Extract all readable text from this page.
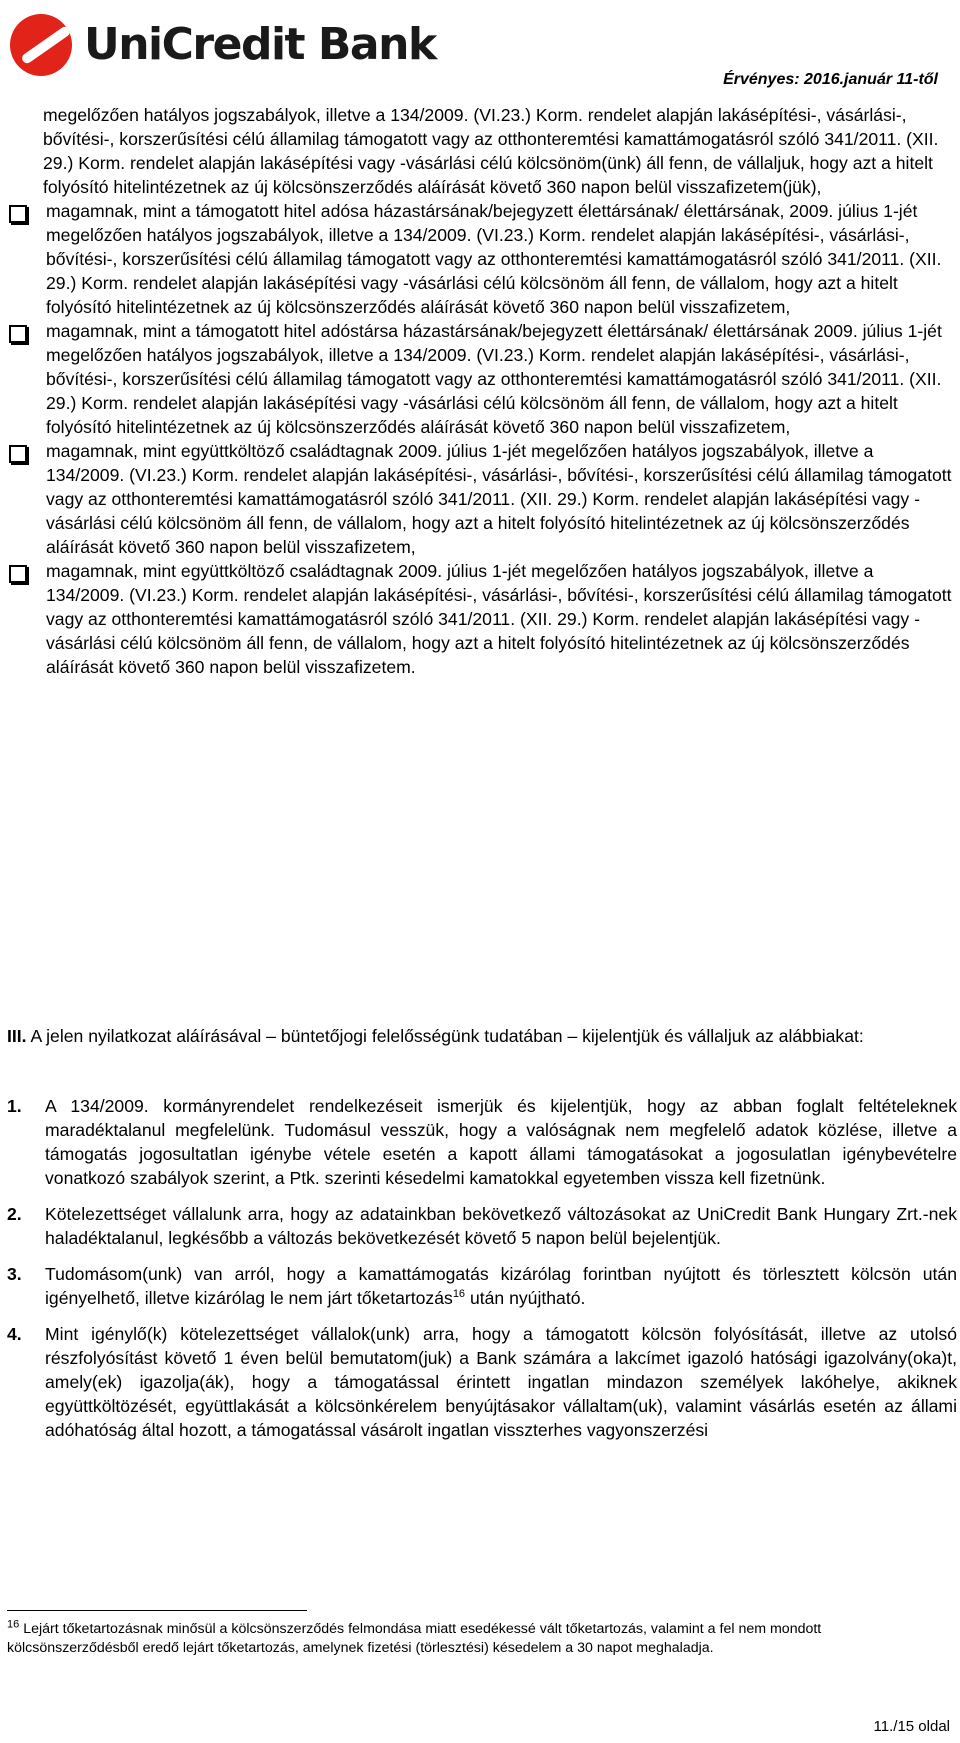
UniCredit Bank
Érvényes: 2016.január 11-től

megelőzően hatályos jogszabályok, illetve a 134/2009. (VI.23.) Korm. rendelet alapján lakásépítési-, vásárlási-, bővítési-, korszerűsítési célú államilag támogatott vagy az otthonteremtési kamattámogatásról szóló 341/2011. (XII. 29.) Korm. rendelet alapján lakásépítési vagy -vásárlási célú kölcsönöm(ünk) áll fenn, de vállaljuk, hogy azt a hitelt folyósító hitelintézetnek az új kölcsönszerződés aláírását követő 360 napon belül visszafizetem(jük),

magamnak, mint a támogatott hitel adósa házastársának/bejegyzett élettársának/ élettársának, 2009. július 1-jét megelőzően hatályos jogszabályok, illetve a 134/2009. (VI.23.) Korm. rendelet alapján lakásépítési-, vásárlási-, bővítési-, korszerűsítési célú államilag támogatott vagy az otthonteremtési kamattámogatásról szóló 341/2011. (XII. 29.) Korm. rendelet alapján lakásépítési vagy -vásárlási célú kölcsönöm áll fenn, de vállalom, hogy azt a hitelt folyósító hitelintézetnek az új kölcsönszerződés aláírását követő 360 napon belül visszafizetem,

magamnak, mint a támogatott hitel adóstársa házastársának/bejegyzett élettársának/ élettársának 2009. július 1-jét megelőzően hatályos jogszabályok, illetve a 134/2009. (VI.23.) Korm. rendelet alapján lakásépítési-, vásárlási-, bővítési-, korszerűsítési célú államilag támogatott vagy az otthonteremtési kamattámogatásról szóló 341/2011. (XII. 29.) Korm. rendelet alapján lakásépítési vagy -vásárlási célú kölcsönöm áll fenn, de vállalom, hogy azt a hitelt folyósító hitelintézetnek az új kölcsönszerződés aláírását követő 360 napon belül visszafizetem,

magamnak, mint együttköltöző családtagnak 2009. július 1-jét megelőzően hatályos jogszabályok, illetve a 134/2009. (VI.23.) Korm. rendelet alapján lakásépítési-, vásárlási-, bővítési-, korszerűsítési célú államilag támogatott vagy az otthonteremtési kamattámogatásról szóló 341/2011. (XII. 29.) Korm. rendelet alapján lakásépítési vagy - vásárlási célú kölcsönöm áll fenn, de vállalom, hogy azt a hitelt folyósító hitelintézetnek az új kölcsönszerződés aláírását követő 360 napon belül visszafizetem,

magamnak, mint együttköltöző családtagnak 2009. július 1-jét megelőzően hatályos jogszabályok, illetve a 134/2009. (VI.23.) Korm. rendelet alapján lakásépítési-, vásárlási-, bővítési-, korszerűsítési célú államilag támogatott vagy az otthonteremtési kamattámogatásról szóló 341/2011. (XII. 29.) Korm. rendelet alapján lakásépítési vagy - vásárlási célú kölcsönöm áll fenn, de vállalom, hogy azt a hitelt folyósító hitelintézetnek az új kölcsönszerződés aláírását követő 360 napon belül visszafizetem.

III. A jelen nyilatkozat aláírásával – büntetőjogi felelősségünk tudatában – kijelentjük és vállaljuk az alábbiakat:

1. A 134/2009. kormányrendelet rendelkezéseit ismerjük és kijelentjük, hogy az abban foglalt feltételeknek maradéktalanul megfelelünk. Tudomásul vesszük, hogy a valóságnak nem megfelelő adatok közlése, illetve a támogatás jogosultatlan igénybe vétele esetén a kapott állami támogatásokat a jogosulatlan igénybevételre vonatkozó szabályok szerint, a Ptk. szerinti késedelmi kamatokkal egyetemben vissza kell fizetnünk.
2. Kötelezettséget vállalunk arra, hogy az adatainkban bekövetkező változásokat az UniCredit Bank Hungary Zrt.-nek haladéktalanul, legkésőbb a változás bekövetkezését követő 5 napon belül bejelentjük.
3. Tudomásom(unk) van arról, hogy a kamattámogatás kizárólag forintban nyújtott és törlesztett kölcsön után igényelhető, illetve kizárólag le nem járt tőketartozás$^{16}$ után nyújtható.
4. Mint igénylő(k) kötelezettséget vállalok(unk) arra, hogy a támogatott kölcsön folyósítását, illetve az utolsó részfolyósítást követő 1 éven belül bemutatom(juk) a Bank számára a lakcímet igazoló hatósági igazolvány(oka)t, amely(ek) igazolja(ák), hogy a támogatással érintett ingatlan mindazon személyek lakóhelye, akiknek együttköltözését, együttlakását a kölcsönkérelem benyújtásakor vállaltam(uk), valamint vásárlás esetén az állami adóhatóság által hozott, a támogatással vásárolt ingatlan visszterhes vagyonszerzési
$^{16}$ Lejárt tőketartozásnak minősül a kölcsönszerződés felmondása miatt esedékessé vált tőketartozás, valamint a fel nem mondott kölcsönszerződésből eredő lejárt tőketartozás, amelynek fizetési (törlesztési) késedelem a 30 napot meghaladja.
11./15 oldal
